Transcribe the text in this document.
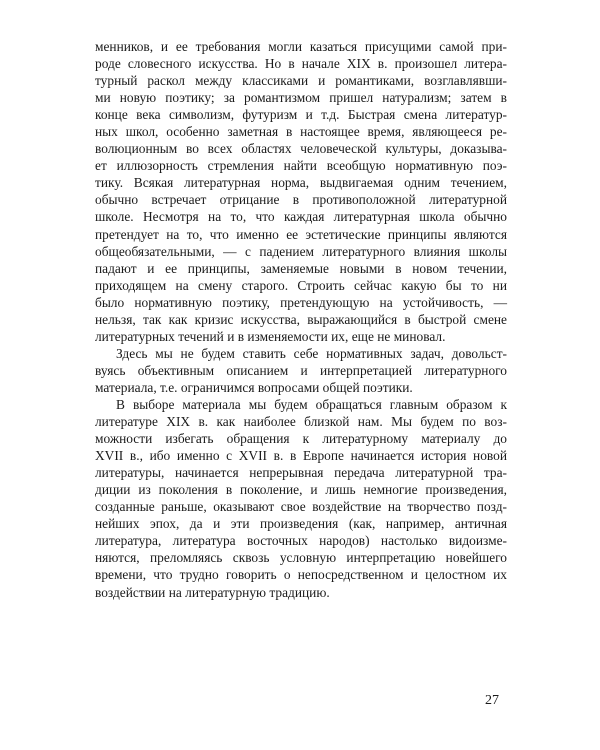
менников, и ее требования могли казаться присущими самой при-
роде словесного искусства. Но в начале XIX в. произошел литера-
турный раскол между классиками и романтиками, возглавлявши-
ми новую поэтику; за романтизмом пришел натурализм; затем в
конце века символизм, футуризм и т.д. Быстрая смена литератур-
ных школ, особенно заметная в настоящее время, являющееся ре-
волюционным во всех областях человеческой культуры, доказыва-
ет иллюзорность стремления найти всеобщую нормативную поэ-
тику. Всякая литературная норма, выдвигаемая одним течением,
обычно встречает отрицание в противоположной литературной
школе. Несмотря на то, что каждая литературная школа обычно
претендует на то, что именно ее эстетические принципы являются
общеобязательными, — с падением литературного влияния школы
падают и ее принципы, заменяемые новыми в новом течении,
приходящем на смену старого. Строить сейчас какую бы то ни
было нормативную поэтику, претендующую на устойчивость, —
нельзя, так как кризис искусства, выражающийся в быстрой смене
литературных течений и в изменяемости их, еще не миновал.
Здесь мы не будем ставить себе нормативных задач, довольст-
вуясь объективным описанием и интерпретацией литературного
материала, т.е. ограничимся вопросами общей поэтики.
В выборе материала мы будем обращаться главным образом к
литературе XIX в. как наиболее близкой нам. Мы будем по воз-
можности избегать обращения к литературному материалу до
XVII в., ибо именно с XVII в. в Европе начинается история новой
литературы, начинается непрерывная передача литературной тра-
диции из поколения в поколение, и лишь немногие произведения,
созданные раньше, оказывают свое воздействие на творчество позд-
нейших эпох, да и эти произведения (как, например, античная
литература, литература восточных народов) настолько видоизме-
няются, преломляясь сквозь условную интерпретацию новейшего
времени, что трудно говорить о непосредственном и целостном их
воздействии на литературную традицию.
27
